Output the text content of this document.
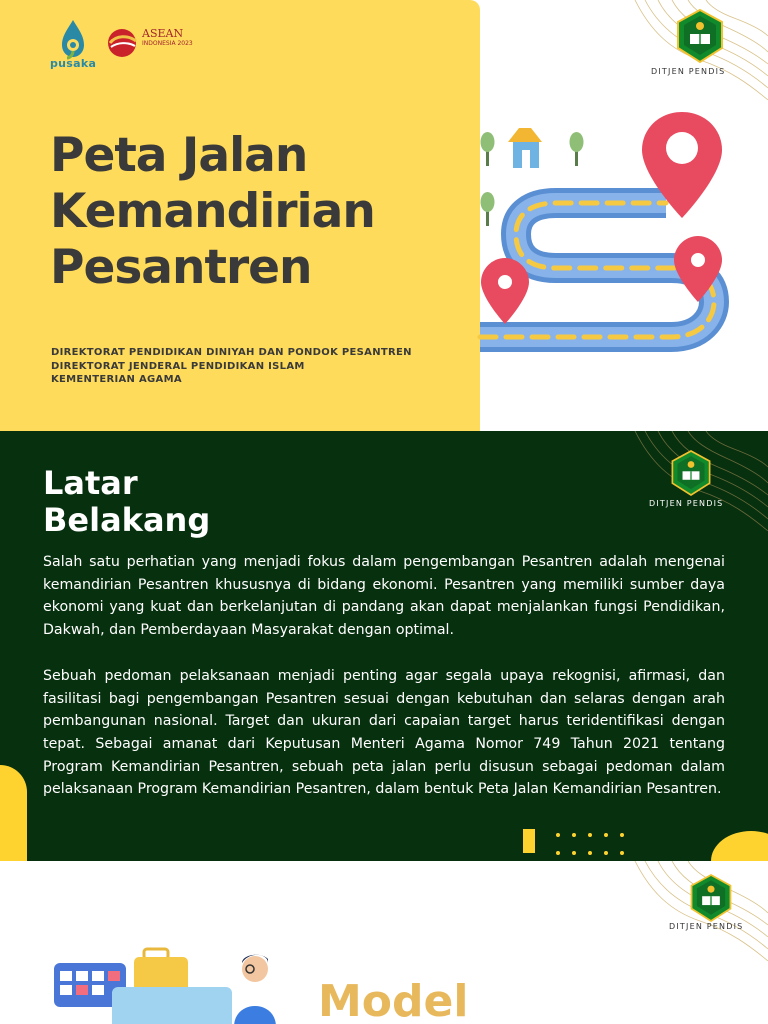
pusaka
ASEAN
INDONESIA 2023
Peta Jalan
Kemandirian
Pesantren
DIREKTORAT PENDIDIKAN DINIYAH DAN PONDOK PESANTREN
DIREKTORAT JENDERAL PENDIDIKAN ISLAM
KEMENTERIAN AGAMA
DITJEN PENDIS
Latar
Belakang	DITJEN PENDIS

Salah satu perhatian yang menjadi fokus dalam pengembangan Pesantren adalah mengenai kemandirian Pesantren khususnya di bidang ekonomi. Pesantren yang memiliki sumber daya ekonomi yang kuat dan berkelanjutan di pandang akan dapat menjalankan fungsi Pendidikan, Dakwah, dan Pemberdayaan Masyarakat dengan optimal.

Sebuah pedoman pelaksanaan menjadi penting agar segala upaya rekognisi, afirmasi, dan fasilitasi bagi pengembangan Pesantren sesuai dengan kebutuhan dan selaras dengan arah pembangunan nasional. Target dan ukuran dari capaian target harus teridentifikasi dengan tepat. Sebagai amanat dari Keputusan Menteri Agama Nomor 749 Tahun 2021 tentang Program Kemandirian Pesantren, sebuah peta jalan perlu disusun sebagai pedoman dalam pelaksanaan Program Kemandirian Pesantren, dalam bentuk Peta Jalan Kemandirian Pesantren.

DITJEN PENDIS
Model
